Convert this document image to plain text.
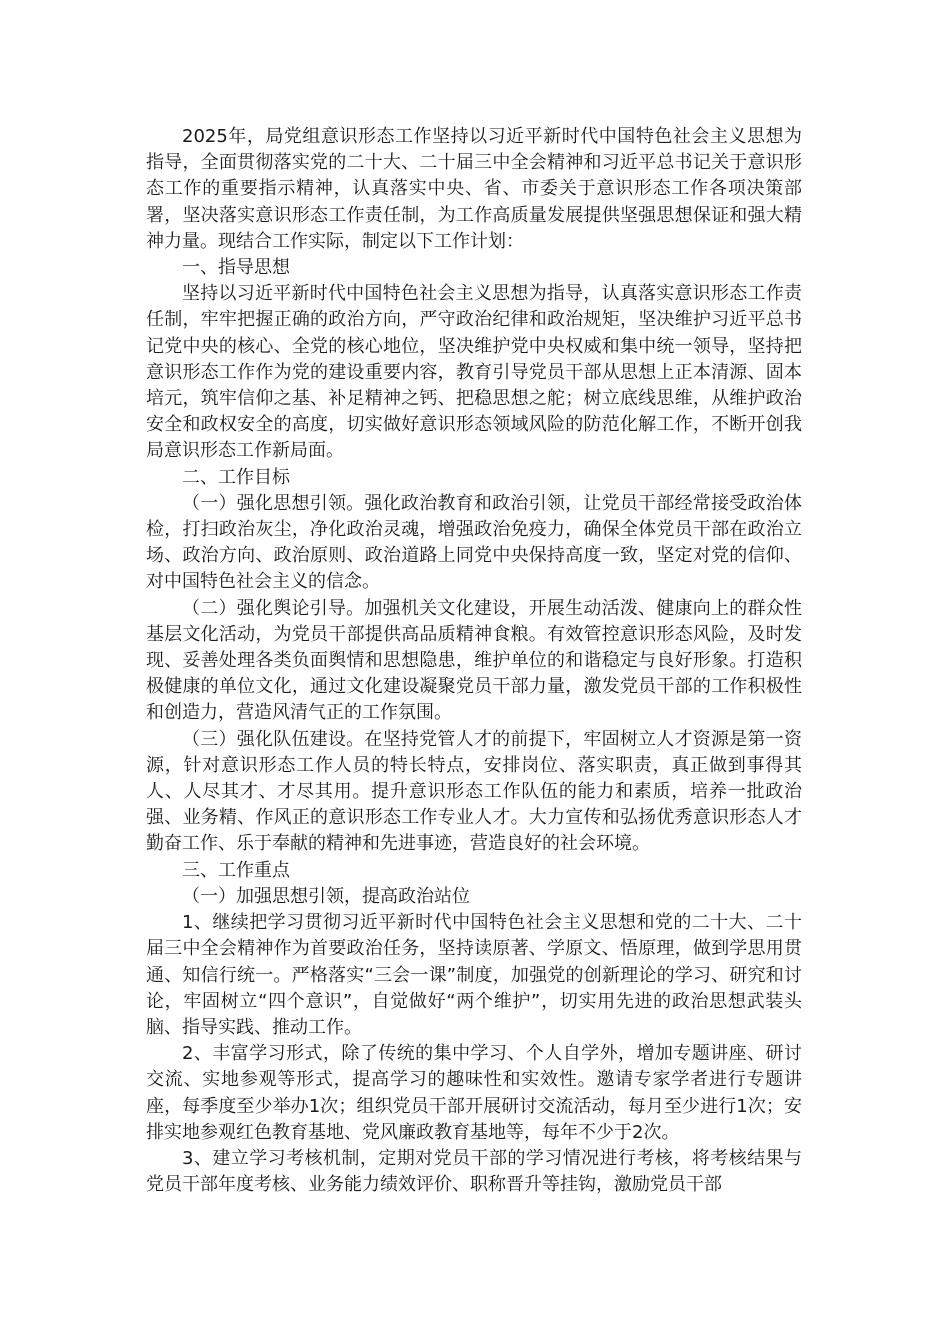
2025年，局党组意识形态工作坚持以习近平新时代中国特色社会主义思想为指导，全面贯彻落实党的二十大、二十届三中全会精神和习近平总书记关于意识形态工作的重要指示精神，认真落实中央、省、市委关于意识形态工作各项决策部署，坚决落实意识形态工作责任制，为工作高质量发展提供坚强思想保证和强大精神力量。现结合工作实际，制定以下工作计划：

一、指导思想

坚持以习近平新时代中国特色社会主义思想为指导，认真落实意识形态工作责任制，牢牢把握正确的政治方向，严守政治纪律和政治规矩，坚决维护习近平总书记党中央的核心、全党的核心地位，坚决维护党中央权威和集中统一领导，坚持把意识形态工作作为党的建设重要内容，教育引导党员干部从思想上正本清源、固本培元，筑牢信仰之基、补足精神之钙、把稳思想之舵；树立底线思维，从维护政治安全和政权安全的高度，切实做好意识形态领域风险的防范化解工作，不断开创我局意识形态工作新局面。

二、工作目标

（一）强化思想引领。强化政治教育和政治引领，让党员干部经常接受政治体检，打扫政治灰尘，净化政治灵魂，增强政治免疫力，确保全体党员干部在政治立场、政治方向、政治原则、政治道路上同党中央保持高度一致，坚定对党的信仰、对中国特色社会主义的信念。

（二）强化舆论引导。加强机关文化建设，开展生动活泼、健康向上的群众性基层文化活动，为党员干部提供高品质精神食粮。有效管控意识形态风险，及时发现、妥善处理各类负面舆情和思想隐患，维护单位的和谐稳定与良好形象。打造积极健康的单位文化，通过文化建设凝聚党员干部力量，激发党员干部的工作积极性和创造力，营造风清气正的工作氛围。

（三）强化队伍建设。在坚持党管人才的前提下，牢固树立人才资源是第一资源，针对意识形态工作人员的特长特点，安排岗位、落实职责，真正做到事得其人、人尽其才、才尽其用。提升意识形态工作队伍的能力和素质，培养一批政治强、业务精、作风正的意识形态工作专业人才。大力宣传和弘扬优秀意识形态人才勤奋工作、乐于奉献的精神和先进事迹，营造良好的社会环境。

三、工作重点

（一）加强思想引领，提高政治站位

1、继续把学习贯彻习近平新时代中国特色社会主义思想和党的二十大、二十届三中全会精神作为首要政治任务，坚持读原著、学原文、悟原理，做到学思用贯通、知信行统一。严格落实“三会一课”制度，加强党的创新理论的学习、研究和讨论，牢固树立“四个意识”，自觉做好“两个维护”，切实用先进的政治思想武装头脑、指导实践、推动工作。

2、丰富学习形式，除了传统的集中学习、个人自学外，增加专题讲座、研讨交流、实地参观等形式，提高学习的趣味性和实效性。邀请专家学者进行专题讲座，每季度至少举办1次；组织党员干部开展研讨交流活动，每月至少进行1次；安排实地参观红色教育基地、党风廉政教育基地等，每年不少于2次。

3、建立学习考核机制，定期对党员干部的学习情况进行考核，将考核结果与党员干部年度考核、业务能力绩效评价、职称晋升等挂钩，激励党员干部
